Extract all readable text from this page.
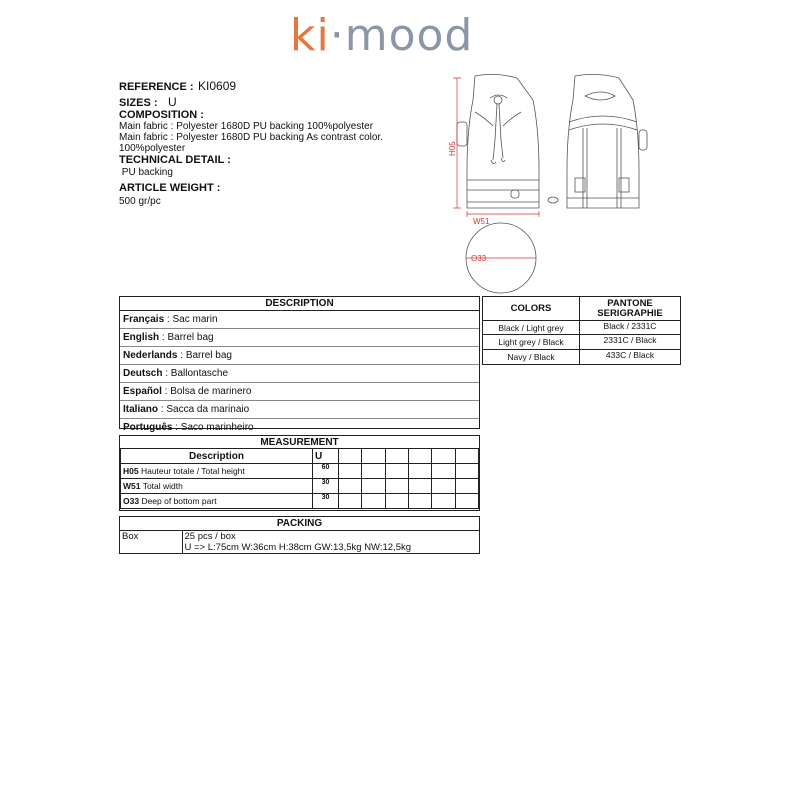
ki·mood
REFERENCE : KI0609
SIZES : U
COMPOSITION :
Main fabric : Polyester 1680D PU backing 100%polyester
Main fabric : Polyester 1680D PU backing As contrast color.
100%polyester
TECHNICAL DETAIL :
PU backing
ARTICLE WEIGHT :
500 gr/pc
H05
W51
O33
DESCRIPTION
Français : Sac marin
English : Barrel bag
Nederlands : Barrel bag
Deutsch : Ballontasche
Español : Bolsa de marinero
Italiano : Sacca da marinaio
Português : Saco marinheiro
COLORS	PANTONE
SERIGRAPHIE
Black / Light grey	Black / 2331C
Light grey / Black	2331C / Black
Navy / Black	433C / Black
MEASUREMENT
Description	U						
H05 Hauteur totale / Total height	60						
W51 Total width	30						
O33 Deep of bottom part	30						
PACKING
Box	25 pcs / box
U => L:75cm W:36cm H:38cm GW:13,5kg NW:12,5kg
